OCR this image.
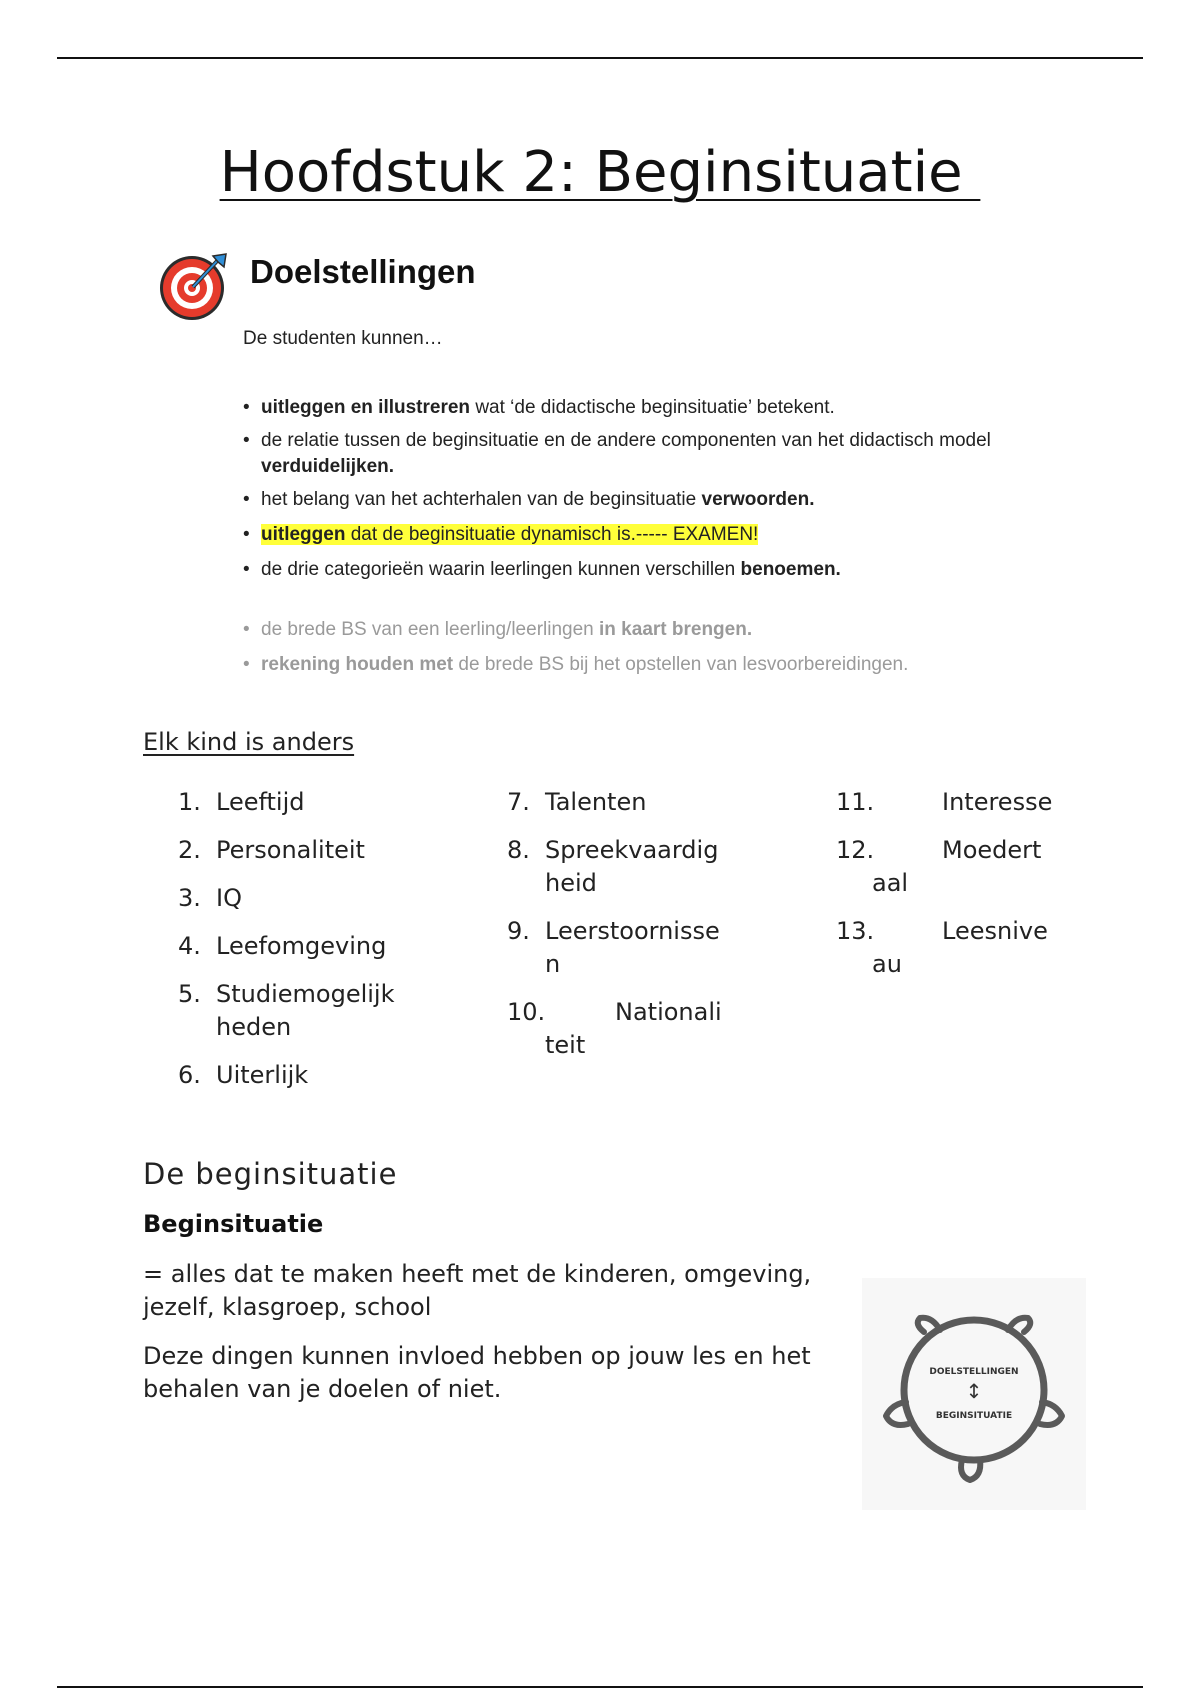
Hoofdstuk 2: Beginsituatie
Doelstellingen
De studenten kunnen…
• uitleggen en illustreren wat ‘de didactische beginsituatie’ betekent.
• de relatie tussen de beginsituatie en de andere componenten van het didactisch model verduidelijken.
• het belang van het achterhalen van de beginsituatie verwoorden.
• uitleggen dat de beginsituatie dynamisch is.----- EXAMEN!
• de drie categorieën waarin leerlingen kunnen verschillen benoemen.
• de brede BS van een leerling/leerlingen in kaart brengen.
• rekening houden met de brede BS bij het opstellen van lesvoorbereidingen.
Elk kind is anders
1. Leeftijd
2. Personaliteit
3. IQ
4. Leefomgeving
5. Studiemogelijk heden
6. Uiterlijk
7. Talenten
8. Spreekvaardig heid
9. Leerstoornisse n
10.	Nationali teit
11.	Interesse
12.	Moedert aal
13.	Leesnive au
De beginsituatie
Beginsituatie

= alles dat te maken heeft met de kinderen, omgeving, jezelf, klasgroep, school

Deze dingen kunnen invloed hebben op jouw les en het behalen van je doelen of niet.

DOELSTELLINGEN
↕
BEGINSITUATIE
